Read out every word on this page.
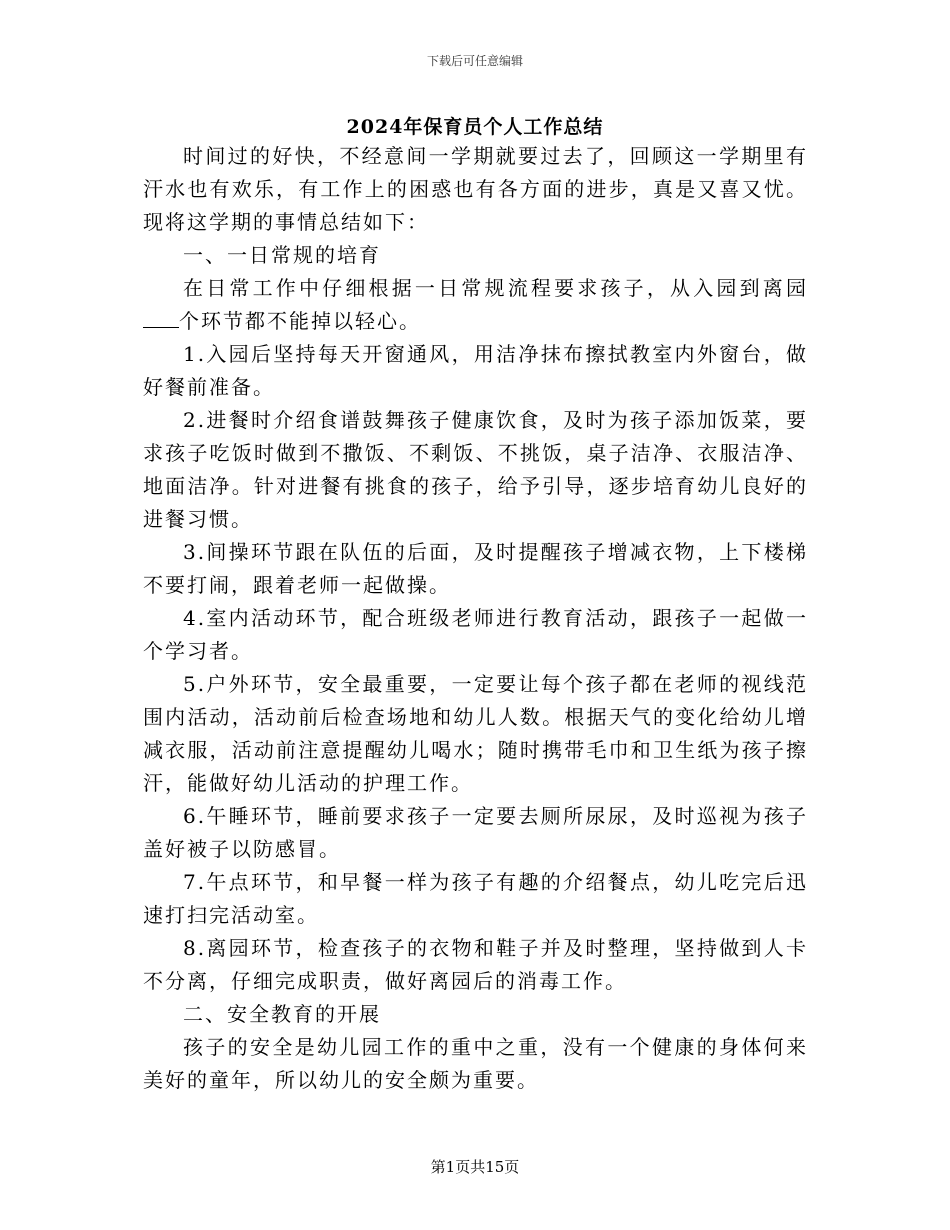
下载后可任意编辑
2024年保育员个人工作总结

时间过的好快，不经意间一学期就要过去了，回顾这一学期里有汗水也有欢乐，有工作上的困惑也有各方面的进步，真是又喜又忧。现将这学期的事情总结如下：

一、一日常规的培育

在日常工作中仔细根据一日常规流程要求孩子，从入园到离园个环节都不能掉以轻心。

1.入园后坚持每天开窗通风，用洁净抹布擦拭教室内外窗台，做好餐前准备。

2.进餐时介绍食谱鼓舞孩子健康饮食，及时为孩子添加饭菜，要求孩子吃饭时做到不撒饭、不剩饭、不挑饭，桌子洁净、衣服洁净、地面洁净。针对进餐有挑食的孩子，给予引导，逐步培育幼儿良好的进餐习惯。

3.间操环节跟在队伍的后面，及时提醒孩子增减衣物，上下楼梯不要打闹，跟着老师一起做操。

4.室内活动环节，配合班级老师进行教育活动，跟孩子一起做一个学习者。

5.户外环节，安全最重要，一定要让每个孩子都在老师的视线范围内活动，活动前后检查场地和幼儿人数。根据天气的变化给幼儿增减衣服，活动前注意提醒幼儿喝水；随时携带毛巾和卫生纸为孩子擦汗，能做好幼儿活动的护理工作。

6.午睡环节，睡前要求孩子一定要去厕所尿尿，及时巡视为孩子盖好被子以防感冒。

7.午点环节，和早餐一样为孩子有趣的介绍餐点，幼儿吃完后迅速打扫完活动室。

8.离园环节，检查孩子的衣物和鞋子并及时整理，坚持做到人卡不分离，仔细完成职责，做好离园后的消毒工作。

二、安全教育的开展

孩子的安全是幼儿园工作的重中之重，没有一个健康的身体何来美好的童年，所以幼儿的安全颇为重要。

第1页共15页
